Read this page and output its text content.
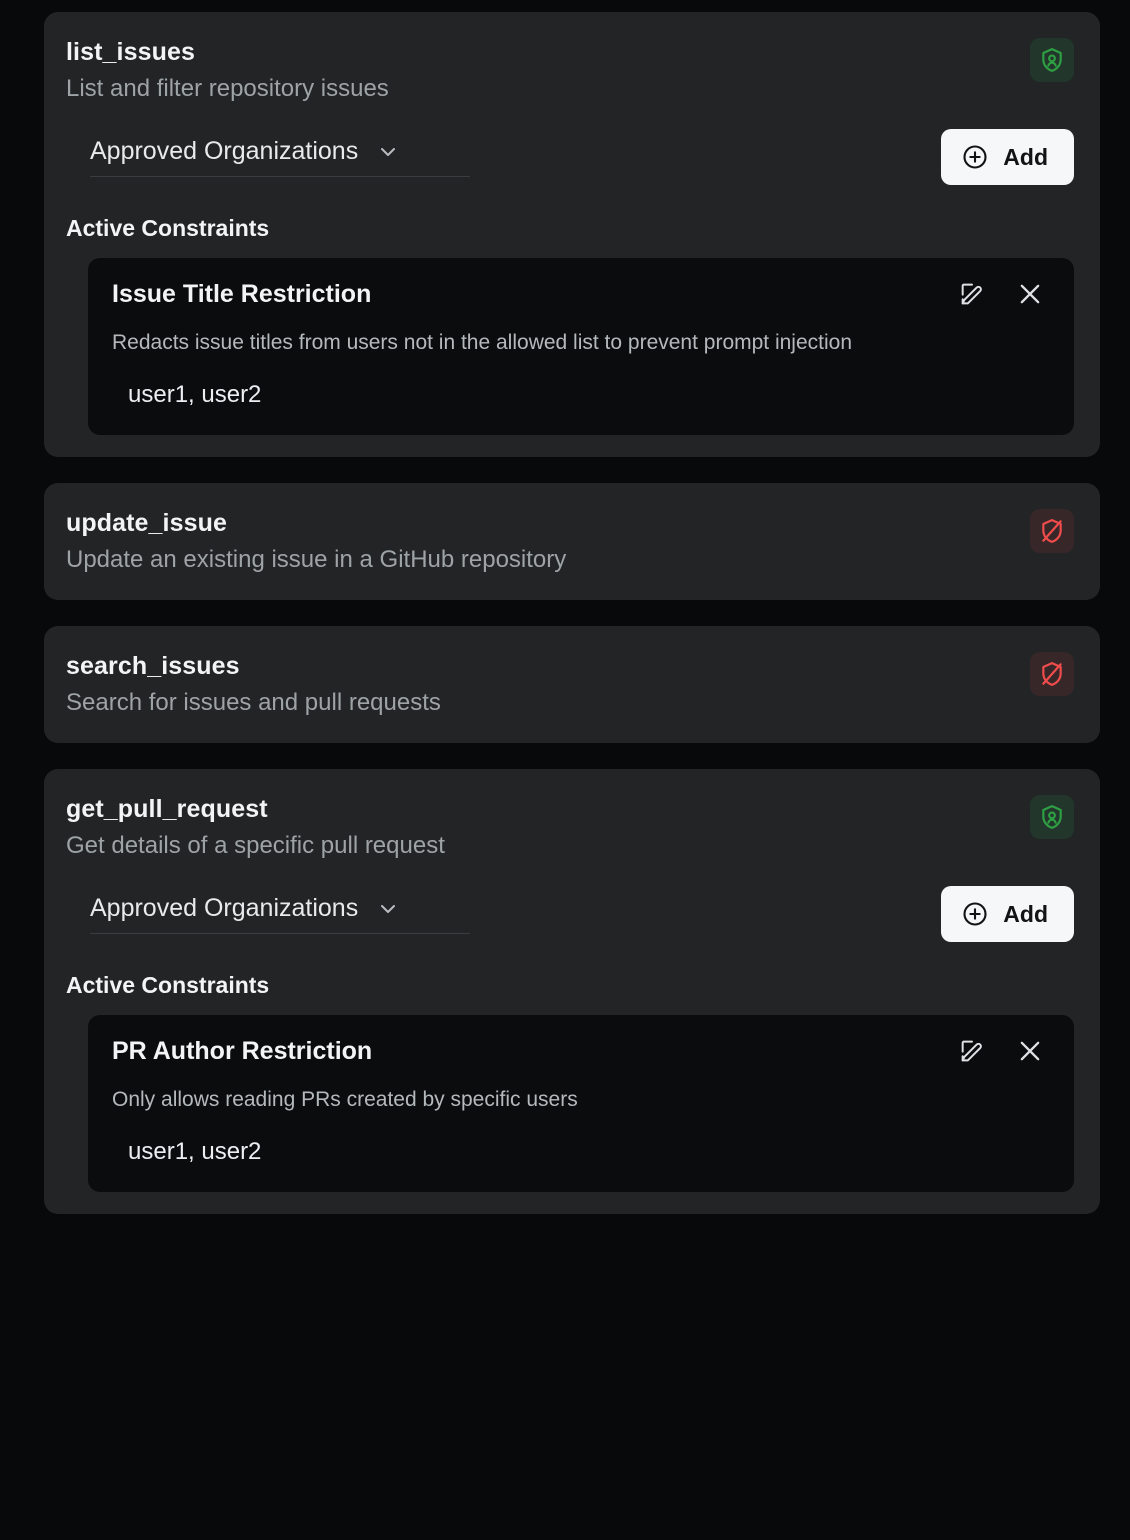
list_issues
List and filter repository issues
Approved Organizations	Add
Active Constraints
Issue Title Restriction
Redacts issue titles from users not in the allowed list to prevent prompt injection
user1, user2
update_issue
Update an existing issue in a GitHub repository
search_issues
Search for issues and pull requests
get_pull_request
Get details of a specific pull request
Approved Organizations	Add
Active Constraints
PR Author Restriction
Only allows reading PRs created by specific users
user1, user2
